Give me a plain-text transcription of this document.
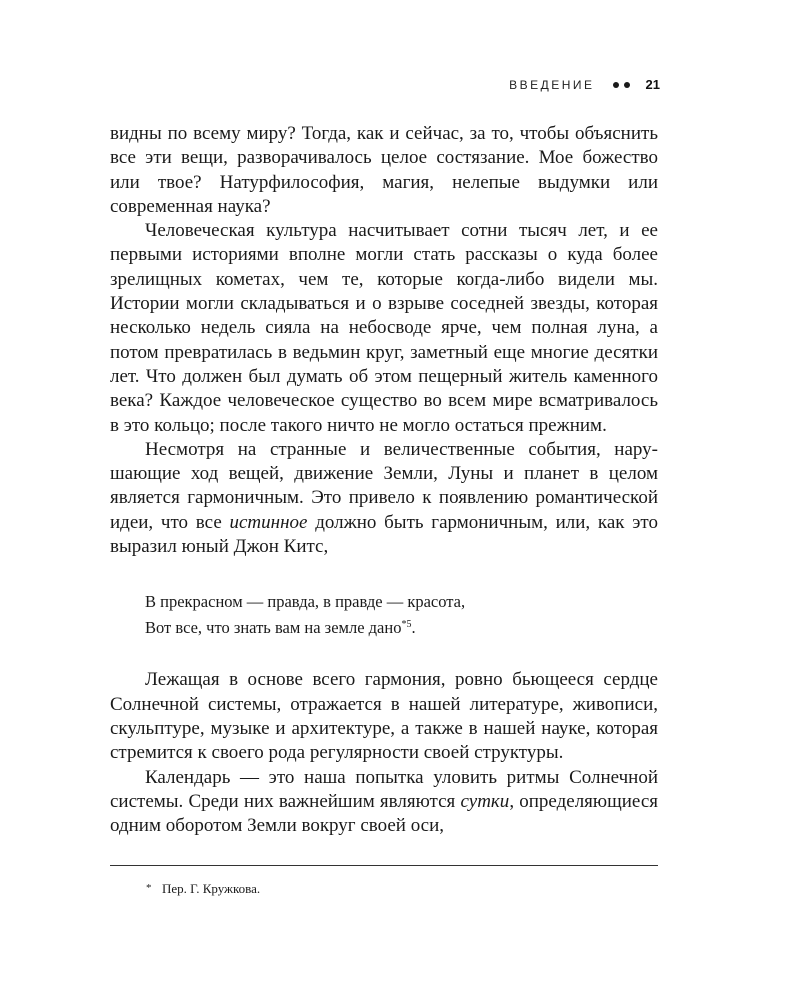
ВВЕДЕНИЕ	21

видны по всему миру? Тогда, как и сейчас, за то, чтобы объяснить все эти вещи, разворачивалось целое состязание. Мое божество или твое? Натурфилософия, магия, нелепые выдумки или современная наука?

Человеческая культура насчитывает сотни тысяч лет, и ее первыми историями вполне могли стать рассказы о куда более зрелищных кометах, чем те, которые когда-либо видели мы. Истории могли складываться и о взрыве соседней звезды, которая несколько недель сияла на небосводе ярче, чем полная луна, а потом превратилась в ведьмин круг, заметный еще многие десятки лет. Что должен был думать об этом пещерный житель каменного века? Каждое человеческое существо во всем мире всматривалось в это кольцо; после такого ничто не могло остаться прежним.

Несмотря на странные и величественные события, нарушающие ход вещей, движение Земли, Луны и планет в целом является гармоничным. Это привело к появлению романтической идеи, что все истинное должно быть гармоничным, или, как это выразил юный Джон Китс,

В прекрасном — правда, в правде — красота,
Вот все, что знать вам на земле дано$^{*5}$.

Лежащая в основе всего гармония, ровно бьющееся сердце Солнечной системы, отражается в нашей литературе, живописи, скульптуре, музыке и архитектуре, а также в нашей науке, которая стремится к своего рода регулярности своей структуры.

Календарь — это наша попытка уловить ритмы Солнечной системы. Среди них важнейшим являются сутки, определяющиеся одним оборотом Земли вокруг своей оси,

* Пер. Г. Кружкова.
